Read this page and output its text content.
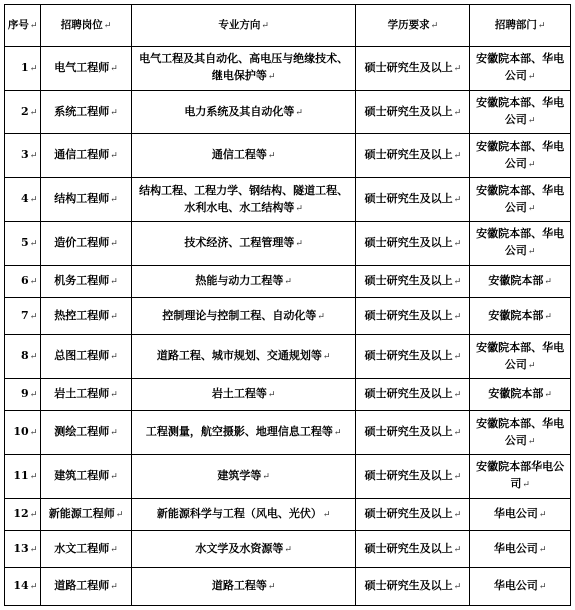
序号↵	招聘岗位↵	专业方向↵	学历要求↵	招聘部门↵
1↵	电气工程师↵	电气工程及其自动化、高电压与绝缘技术、继电保护等↵	硕士研究生及以上↵	安徽院本部、华电公司↵
2↵	系统工程师↵	电力系统及其自动化等↵	硕士研究生及以上↵	安徽院本部、华电公司↵
3↵	通信工程师↵	通信工程等↵	硕士研究生及以上↵	安徽院本部、华电公司↵
4↵	结构工程师↵	结构工程、工程力学、钢结构、隧道工程、水利水电、水工结构等↵	硕士研究生及以上↵	安徽院本部、华电公司↵
5↵	造价工程师↵	技术经济、工程管理等↵	硕士研究生及以上↵	安徽院本部、华电公司↵
6↵	机务工程师↵	热能与动力工程等↵	硕士研究生及以上↵	安徽院本部↵
7↵	热控工程师↵	控制理论与控制工程、自动化等↵	硕士研究生及以上↵	安徽院本部↵
8↵	总图工程师↵	道路工程、城市规划、交通规划等↵	硕士研究生及以上↵	安徽院本部、华电公司↵
9↵	岩土工程师↵	岩土工程等↵	硕士研究生及以上↵	安徽院本部↵
10↵	测绘工程师↵	工程测量，航空摄影、地理信息工程等↵	硕士研究生及以上↵	安徽院本部、华电公司↵
11↵	建筑工程师↵	建筑学等↵	硕士研究生及以上↵	安徽院本部华电公司↵
12↵	新能源工程师↵	新能源科学与工程（风电、光伏）↵	硕士研究生及以上↵	华电公司↵
13↵	水文工程师↵	水文学及水资源等↵	硕士研究生及以上↵	华电公司↵
14↵	道路工程师↵	道路工程等↵	硕士研究生及以上↵	华电公司↵
